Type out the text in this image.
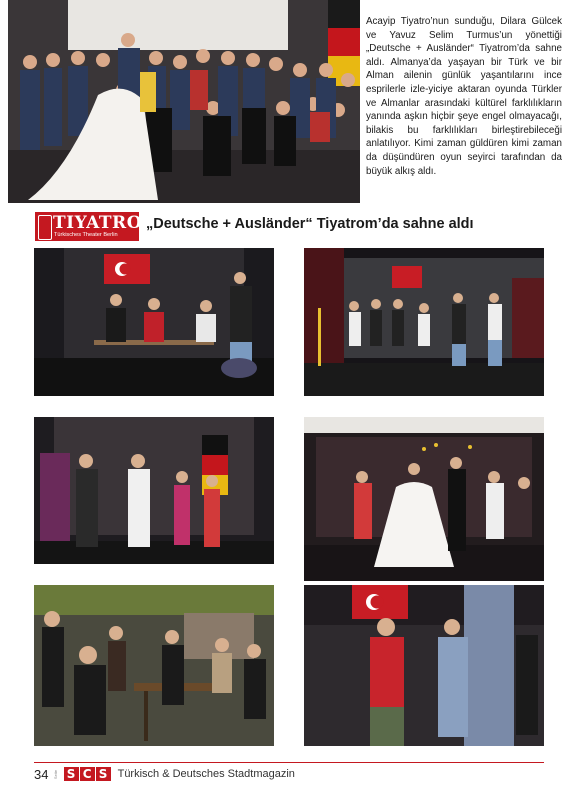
Acayip Tiyatro’nun sunduğu, Dilara Gülcek ve Yavuz Selim Turmus’un yönettiği „Deutsche + Ausländer“ Tiyatrom’da sahne aldı. Almanya’da yaşayan bir Türk ve bir Alman ailenin günlük yaşantılarını ince esprilerle izle-yiciye aktaran oyunda Türkler ve Almanlar arasındaki kültürel farklılıkların yanında aşkın hiçbir şeye engel olmayacağı, bilakis bu farklılıkları birleştirebileceği anlatılıyor. Kimi zaman güldüren kimi zaman da düşündüren oyun seyirci tarafından da büyük alkış aldı.
TIYATROM
Türkisches Theater Berlin
„Deutsche + Ausländer“ Tiyatrom’da sahne aldı
34 Seite S C S Türkisch & Deutsches Stadtmagazin
